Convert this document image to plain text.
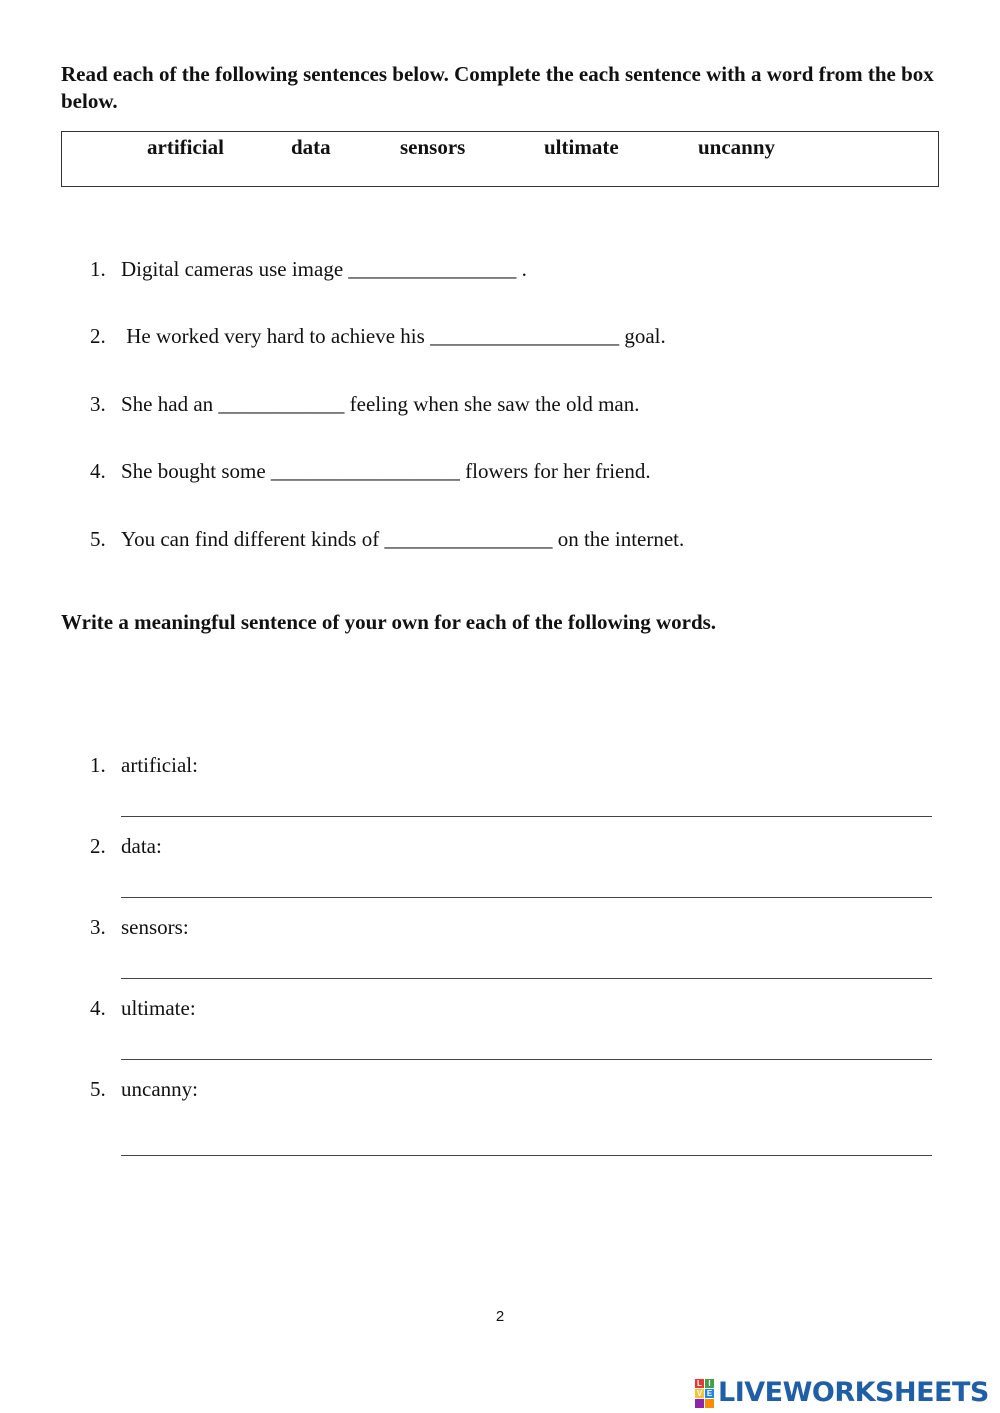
Read each of the following sentences below. Complete the each sentence with a word from the box below.
artificial	data	sensors	ultimate	uncanny
1. Digital cameras use image ________________ .
2. He worked very hard to achieve his __________________ goal.
3. She had an ____________ feeling when she saw the old man.
4. She bought some __________________ flowers for her friend.
5. You can find different kinds of ________________ on the internet.
Write a meaningful sentence of your own for each of the following words.
1. artificial:
2. data:
3. sensors:
4. ultimate:
5. uncanny:
2
L I
V E LIVEWORKSHEETS
